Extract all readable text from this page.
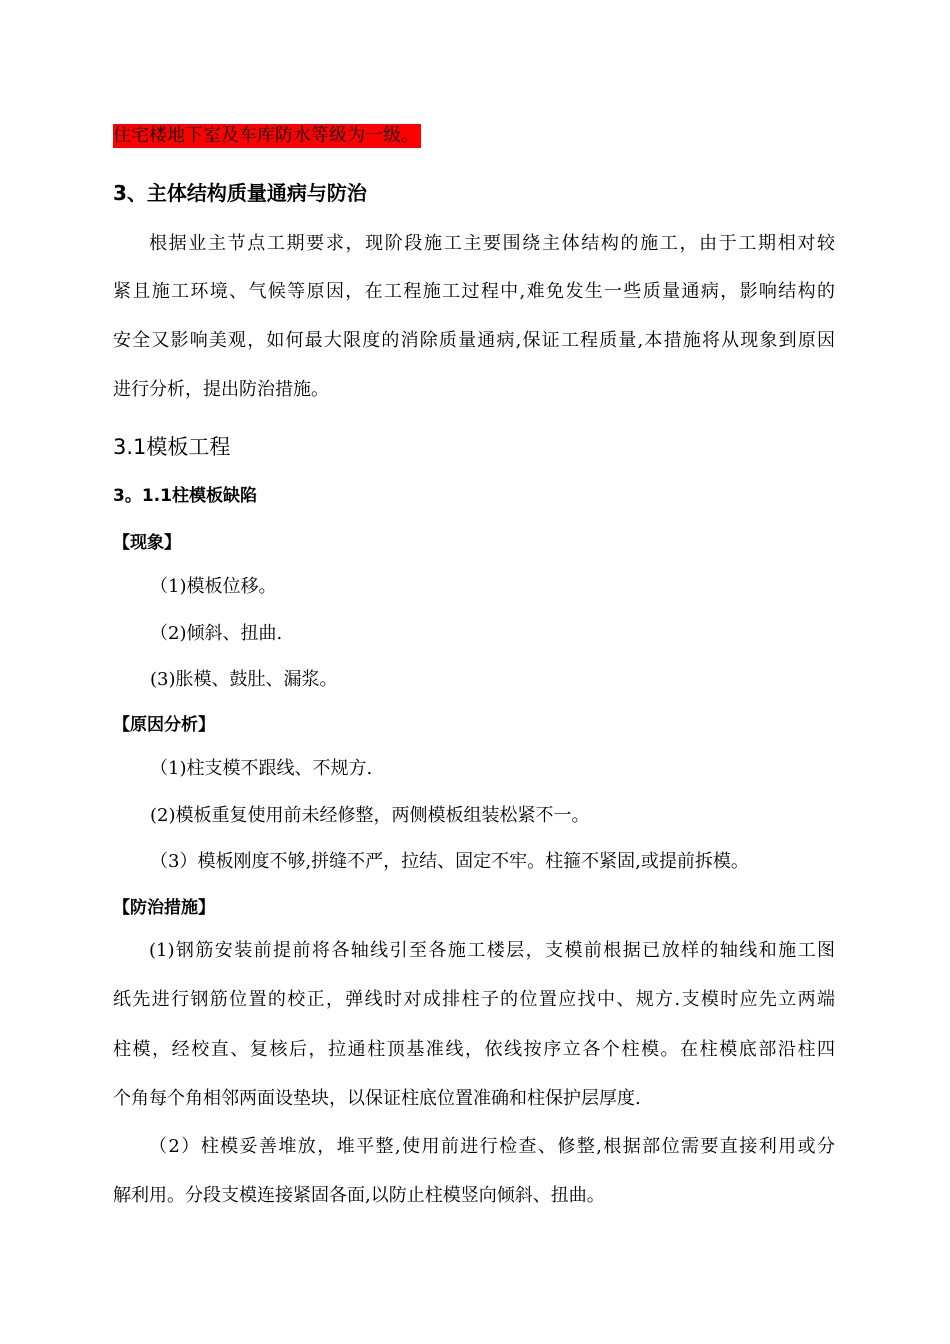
住宅楼地下室及车库防水等级为一级。
3、主体结构质量通病与防治
根据业主节点工期要求，现阶段施工主要围绕主体结构的施工，由于工期相对较
紧且施工环境、气候等原因，在工程施工过程中,难免发生一些质量通病，影响结构的
安全又影响美观，如何最大限度的消除质量通病,保证工程质量,本措施将从现象到原因
进行分析，提出防治措施。
3.1模板工程
3。1.1柱模板缺陷
【现象】
（1)模板位移。
（2)倾斜、扭曲.
(3)胀模、鼓肚、漏浆。
【原因分析】
（1)柱支模不跟线、不规方.
(2)模板重复使用前未经修整，两侧模板组装松紧不一。
（3）模板刚度不够,拼缝不严，拉结、固定不牢。柱箍不紧固,或提前拆模。
【防治措施】
(1)钢筋安装前提前将各轴线引至各施工楼层，支模前根据已放样的轴线和施工图
纸先进行钢筋位置的校正，弹线时对成排柱子的位置应找中、规方.支模时应先立两端
柱模，经校直、复核后，拉通柱顶基准线，依线按序立各个柱模。在柱模底部沿柱四
个角每个角相邻两面设垫块，以保证柱底位置准确和柱保护层厚度.
（2）柱模妥善堆放，堆平整,使用前进行检查、修整,根据部位需要直接利用或分
解利用。分段支模连接紧固各面,以防止柱模竖向倾斜、扭曲。
